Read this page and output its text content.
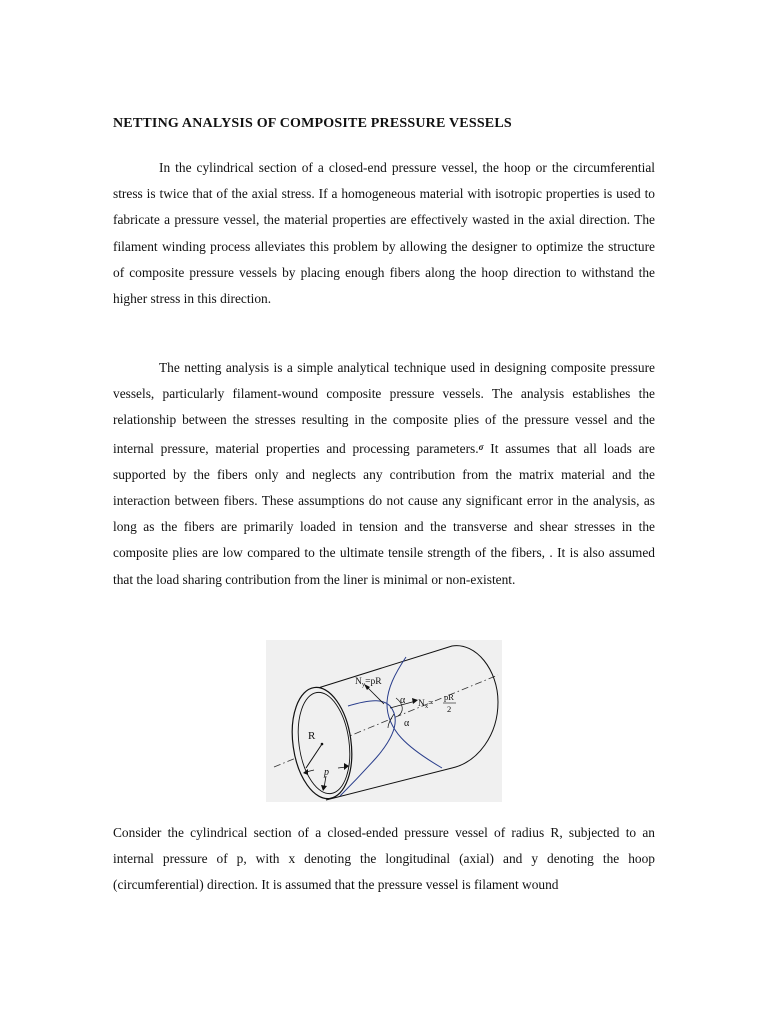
NETTING ANALYSIS OF COMPOSITE PRESSURE VESSELS

In the cylindrical section of a closed-end pressure vessel, the hoop or the circumferential stress is twice that of the axial stress. If a homogeneous material with isotropic properties is used to fabricate a pressure vessel, the material properties are effectively wasted in the axial direction. The filament winding process alleviates this problem by allowing the designer to optimize the structure of composite pressure vessels by placing enough fibers along the hoop direction to withstand the higher stress in this direction.

The netting analysis is a simple analytical technique used in designing composite pressure vessels, particularly filament-wound composite pressure vessels. The analysis establishes the relationship between the stresses resulting in the composite plies of the pressure vessel and the internal pressure, material properties and processing parameters.$^\sigma$ It assumes that all loads are supported by the fibers only and neglects any contribution from the matrix material and the interaction between fibers. These assumptions do not cause any significant error in the analysis, as long as the fibers are primarily loaded in tension and the transverse and shear stresses in the composite plies are low compared to the ultimate tensile strength of the fibers, . It is also assumed that the load sharing contribution from the liner is minimal or non-existent.

$N_y=pR$
$N_x=$
pR
2
α
α
R
p

Consider the cylindrical section of a closed-ended pressure vessel of radius R, subjected to an internal pressure of p, with x denoting the longitudinal (axial) and y denoting the hoop (circumferential) direction. It is assumed that the pressure vessel is filament wound
